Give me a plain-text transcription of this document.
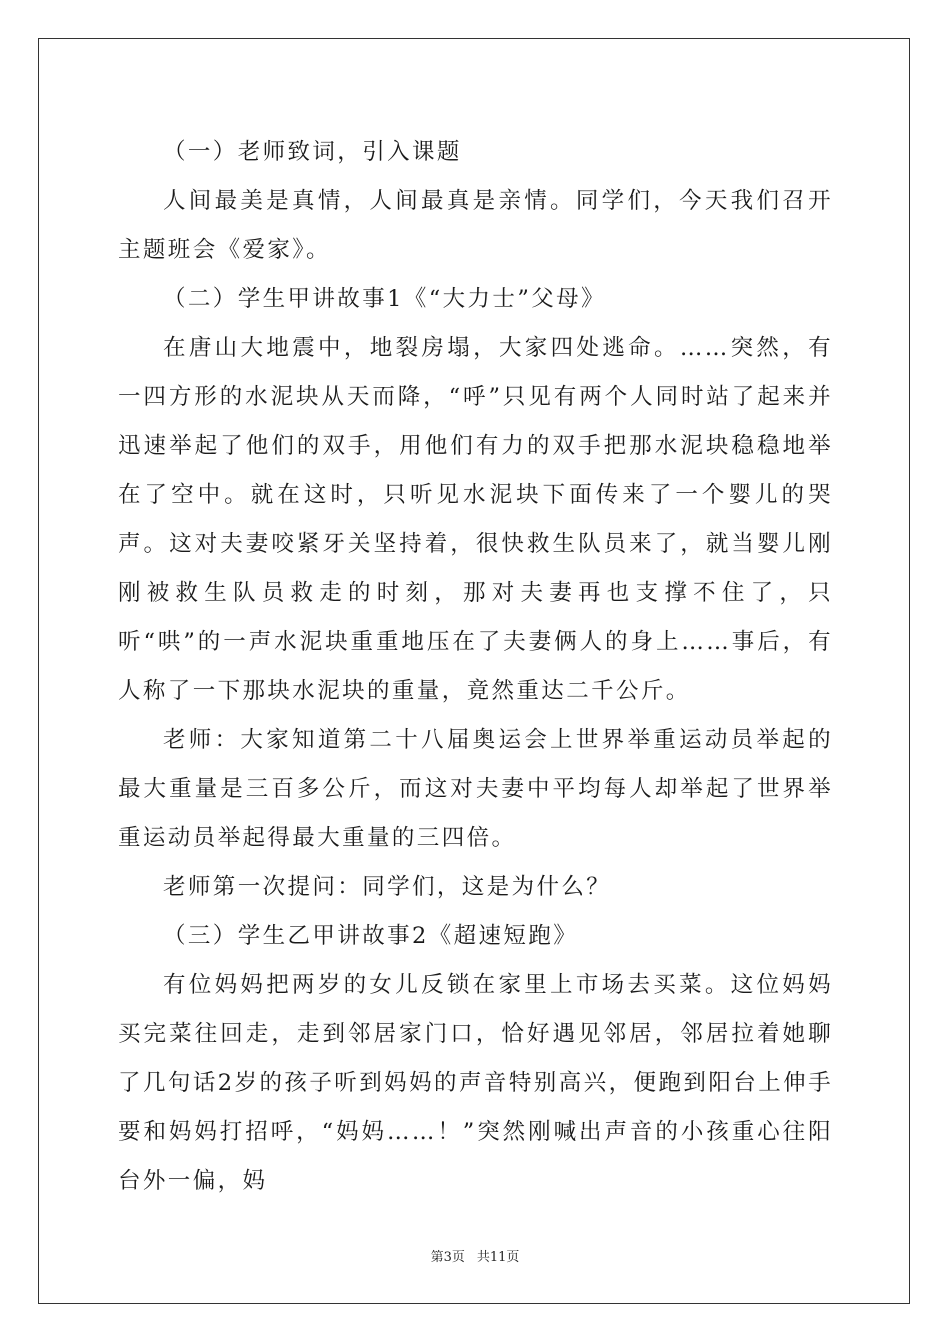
（一）老师致词，引入课题

人间最美是真情，人间最真是亲情。同学们，今天我们召开主题班会《爱家》。

（二）学生甲讲故事1《“大力士”父母》

在唐山大地震中，地裂房塌，大家四处逃命。……突然，有一四方形的水泥块从天而降，“呼”只见有两个人同时站了起来并迅速举起了他们的双手，用他们有力的双手把那水泥块稳稳地举在了空中。就在这时，只听见水泥块下面传来了一个婴儿的哭声。这对夫妻咬紧牙关坚持着，很快救生队员来了，就当婴儿刚刚被救生队员救走的时刻，那对夫妻再也支撑不住了，只听“哄”的一声水泥块重重地压在了夫妻俩人的身上……事后，有人称了一下那块水泥块的重量，竟然重达二千公斤。

老师：大家知道第二十八届奥运会上世界举重运动员举起的最大重量是三百多公斤，而这对夫妻中平均每人却举起了世界举重运动员举起得最大重量的三四倍。

老师第一次提问：同学们，这是为什么？

（三）学生乙甲讲故事2《超速短跑》

有位妈妈把两岁的女儿反锁在家里上市场去买菜。这位妈妈买完菜往回走，走到邻居家门口，恰好遇见邻居，邻居拉着她聊了几句话2岁的孩子听到妈妈的声音特别高兴，便跑到阳台上伸手要和妈妈打招呼，“妈妈……！”突然刚喊出声音的小孩重心往阳台外一偏，妈

第3页 共11页
